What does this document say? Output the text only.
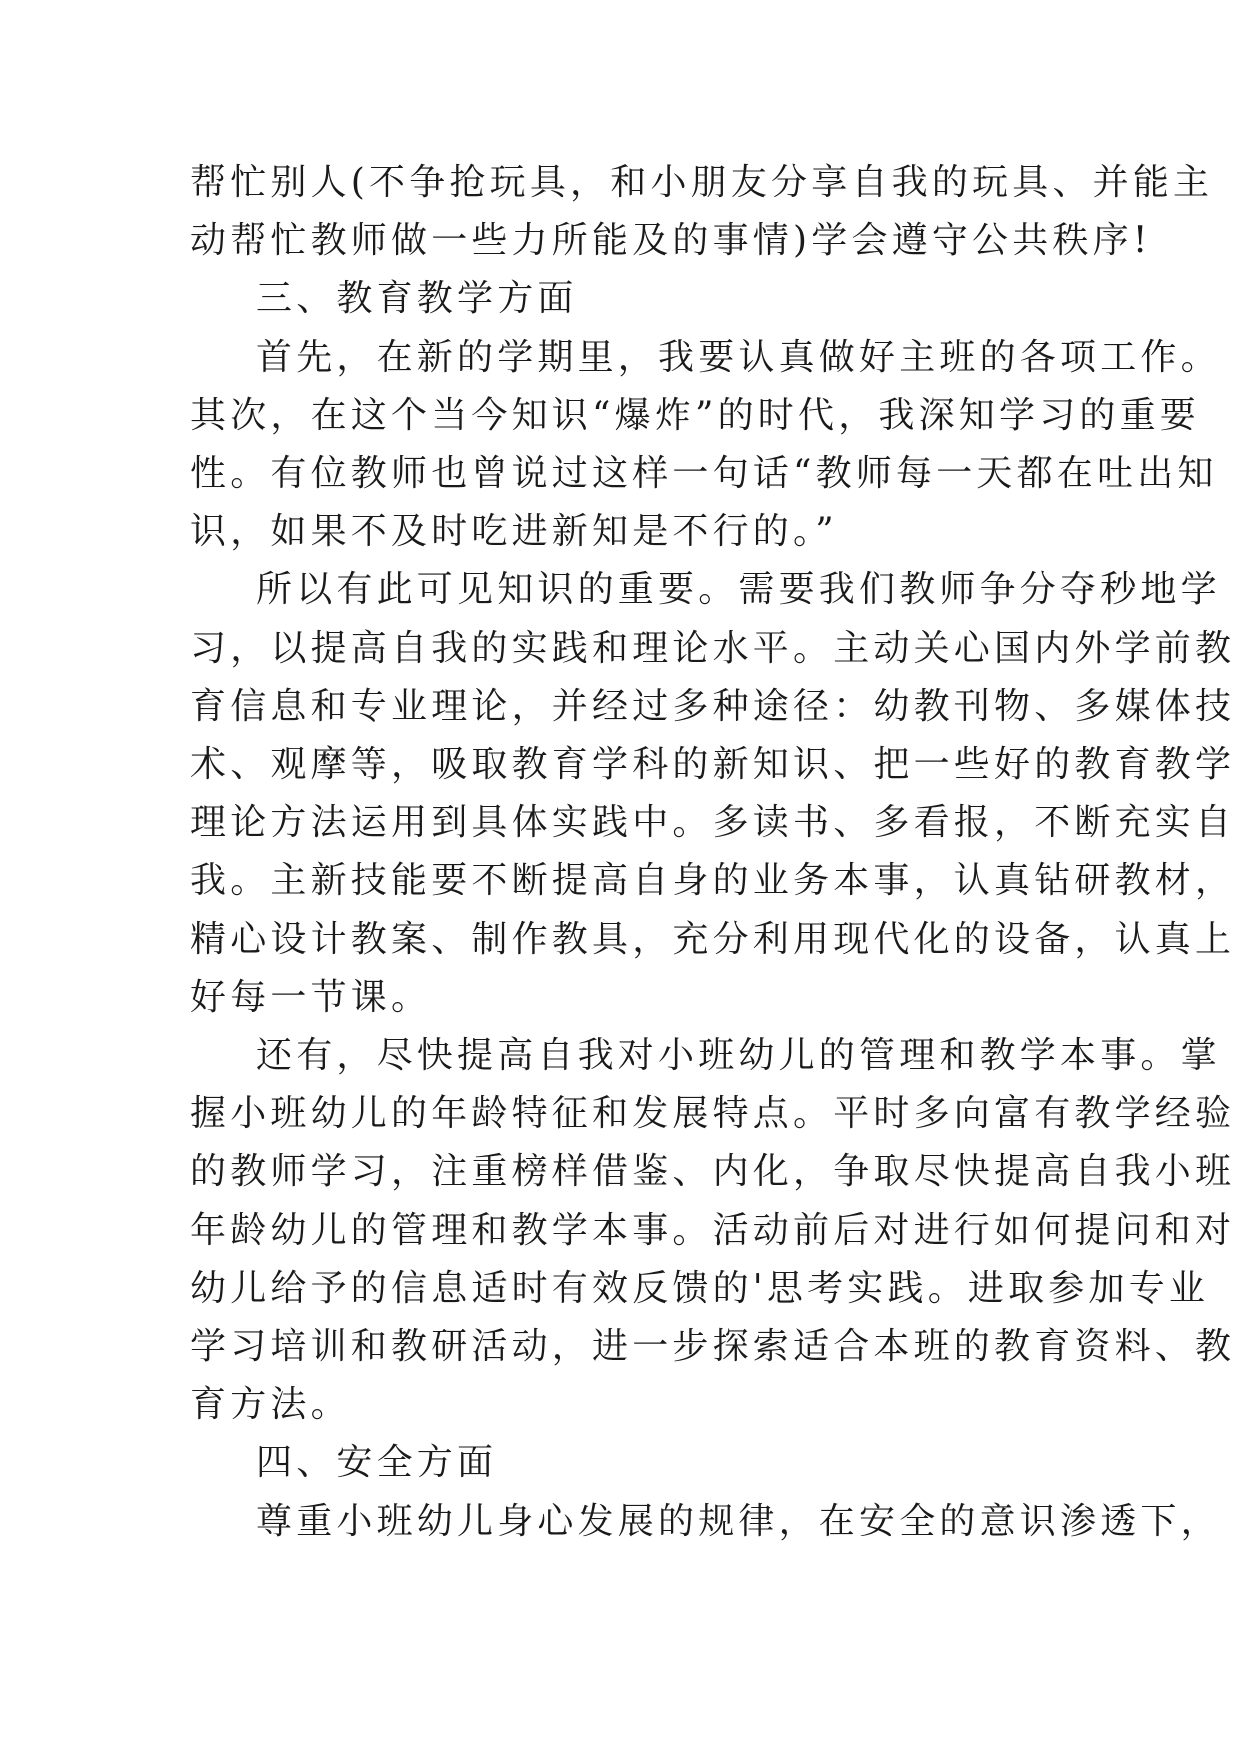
帮忙别人(不争抢玩具，和小朋友分享自我的玩具、并能主
动帮忙教师做一些力所能及的事情)学会遵守公共秩序!

三、教育教学方面

首先，在新的学期里，我要认真做好主班的各项工作。
其次，在这个当今知识“爆炸”的时代，我深知学习的重要
性。有位教师也曾说过这样一句话“教师每一天都在吐出知
识，如果不及时吃进新知是不行的。”

所以有此可见知识的重要。需要我们教师争分夺秒地学
习，以提高自我的实践和理论水平。主动关心国内外学前教
育信息和专业理论，并经过多种途径：幼教刊物、多媒体技
术、观摩等，吸取教育学科的新知识、把一些好的教育教学
理论方法运用到具体实践中。多读书、多看报，不断充实自
我。主新技能要不断提高自身的业务本事，认真钻研教材，
精心设计教案、制作教具，充分利用现代化的设备，认真上
好每一节课。

还有，尽快提高自我对小班幼儿的管理和教学本事。掌
握小班幼儿的年龄特征和发展特点。平时多向富有教学经验
的教师学习，注重榜样借鉴、内化，争取尽快提高自我小班
年龄幼儿的管理和教学本事。活动前后对进行如何提问和对
幼儿给予的信息适时有效反馈的'思考实践。进取参加专业
学习培训和教研活动，进一步探索适合本班的教育资料、教
育方法。

四、安全方面

尊重小班幼儿身心发展的规律，在安全的意识渗透下，
